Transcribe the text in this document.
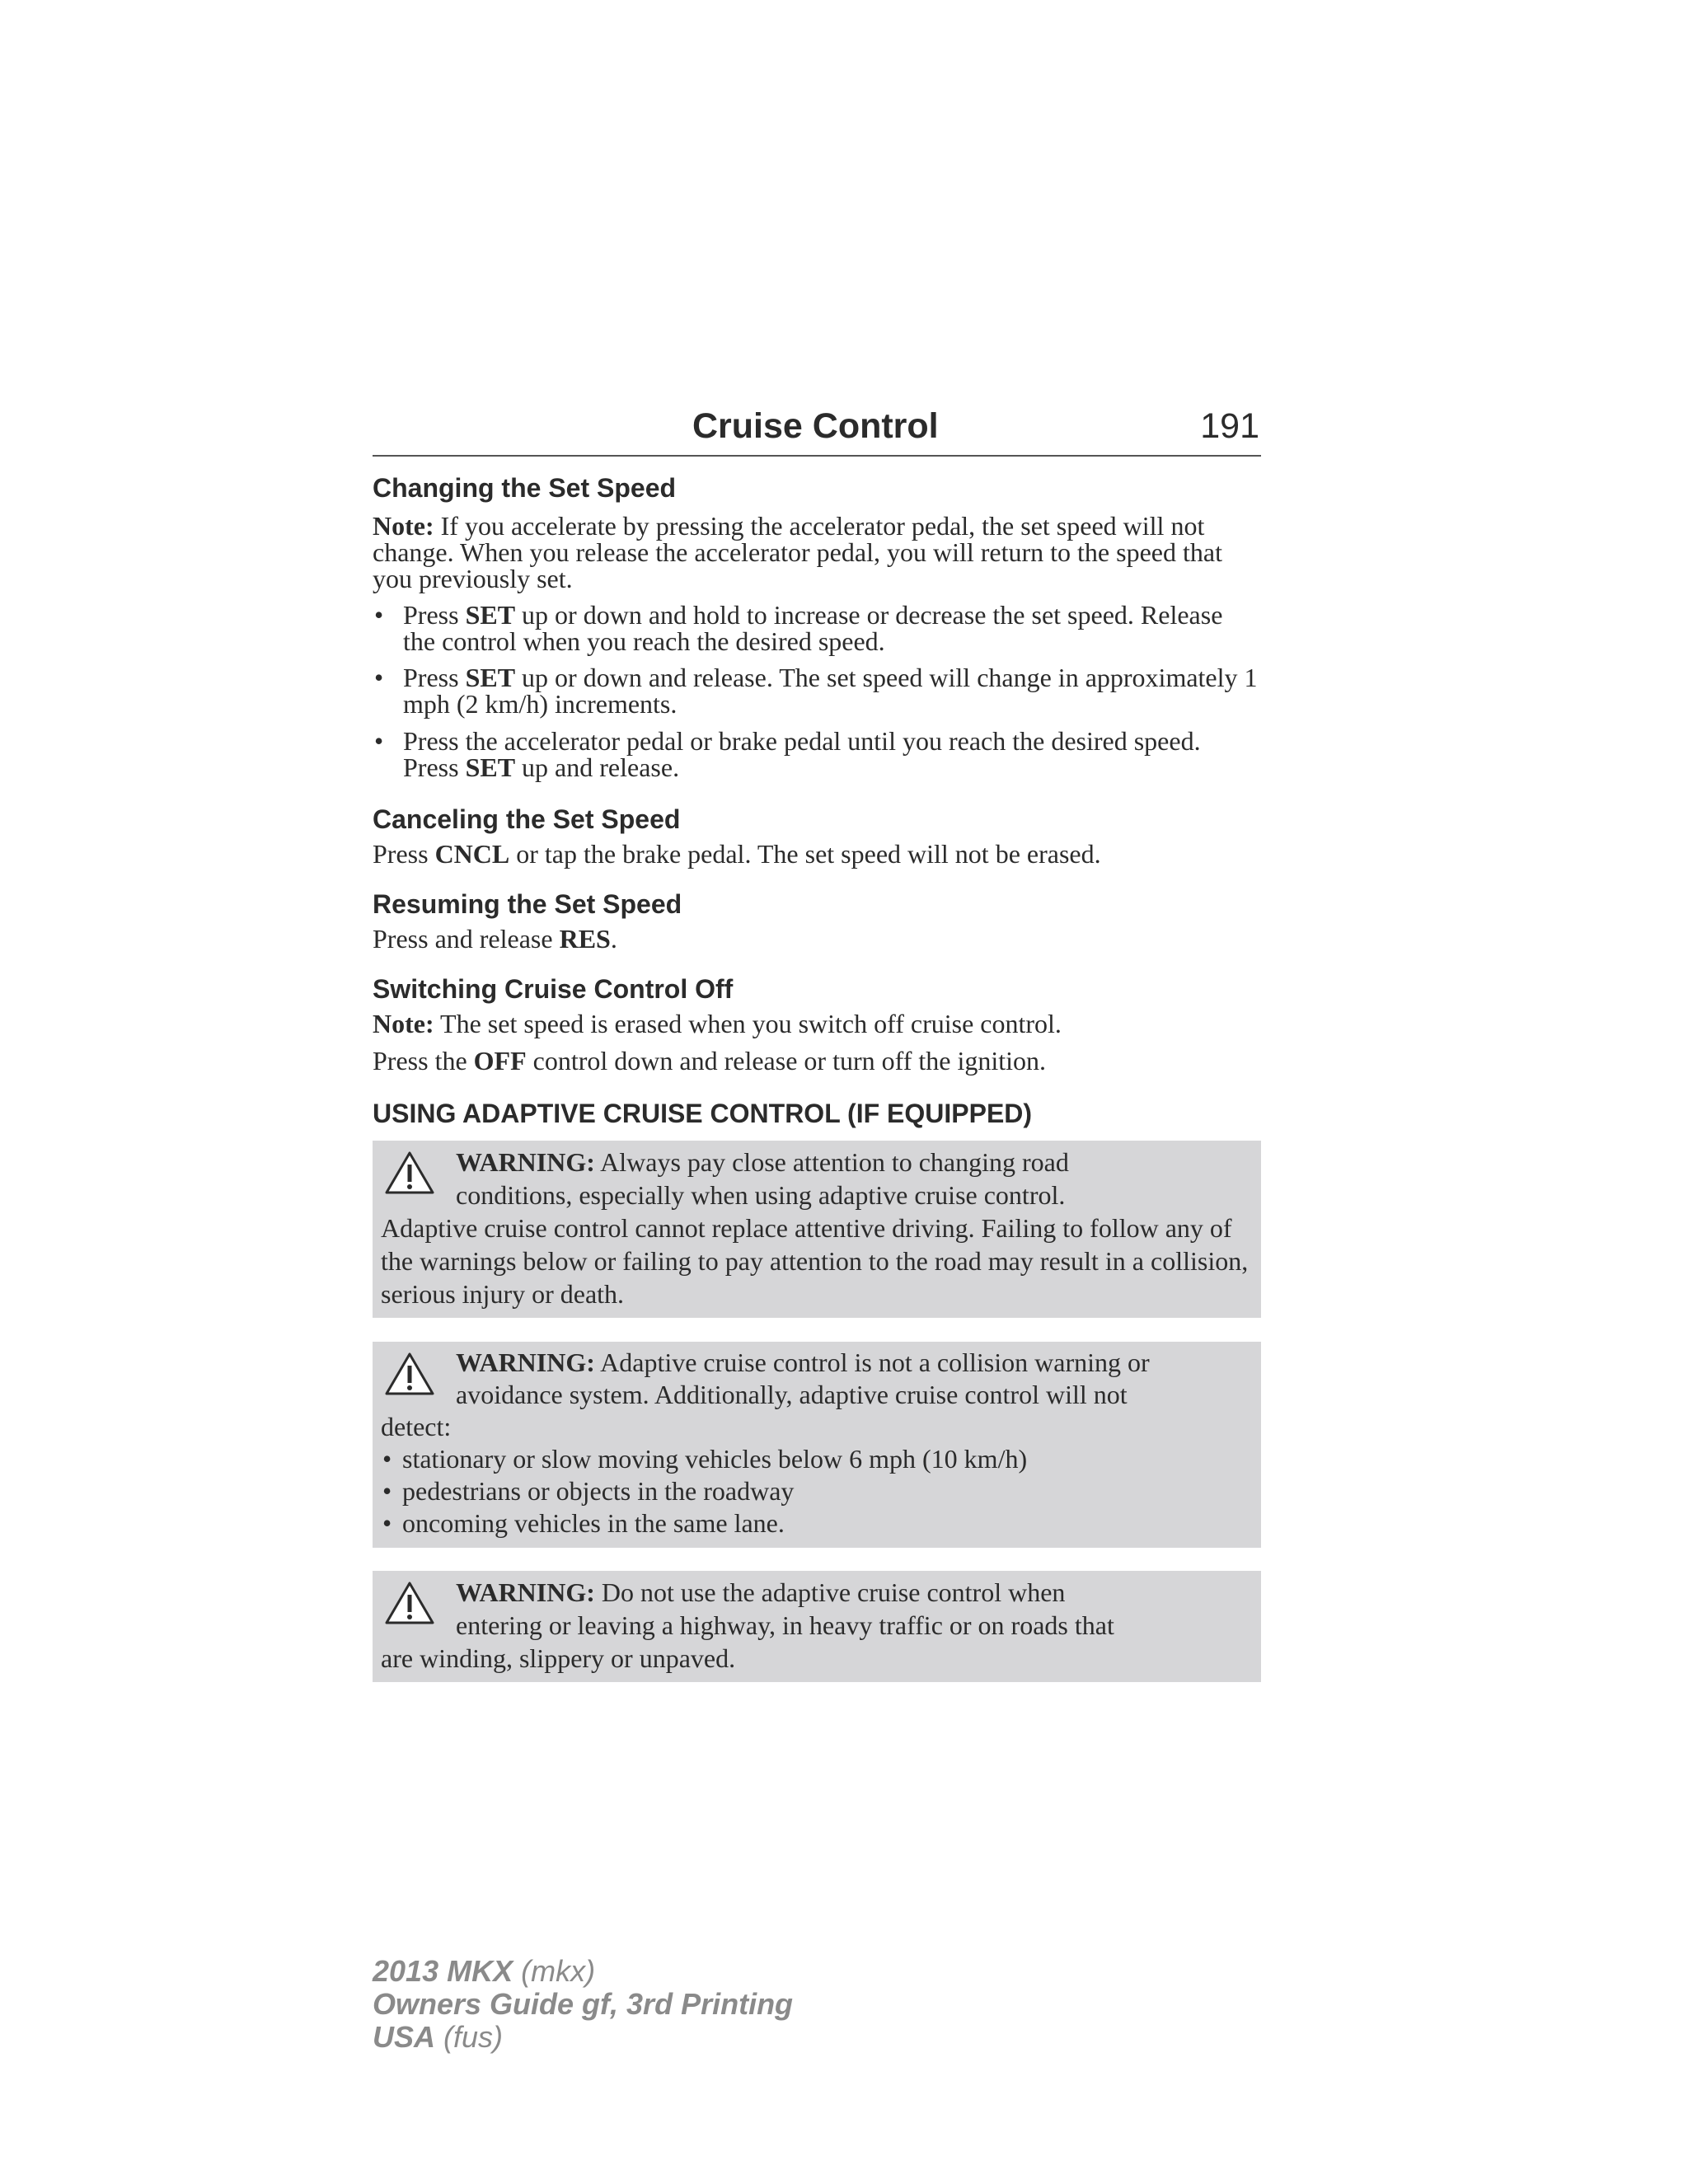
Cruise Control	191
Changing the Set Speed

Note: If you accelerate by pressing the accelerator pedal, the set speed will not change. When you release the accelerator pedal, you will return to the speed that you previously set.

• Press SET up or down and hold to increase or decrease the set speed. Release the control when you reach the desired speed.

• Press SET up or down and release. The set speed will change in approximately 1 mph (2 km/h) increments.

• Press the accelerator pedal or brake pedal until you reach the desired speed. Press SET up and release.

Canceling the Set Speed

Press CNCL or tap the brake pedal. The set speed will not be erased.

Resuming the Set Speed

Press and release RES.

Switching Cruise Control Off

Note: The set speed is erased when you switch off cruise control.

Press the OFF control down and release or turn off the ignition.

USING ADAPTIVE CRUISE CONTROL (IF EQUIPPED)
WARNING: Always pay close attention to changing road
conditions, especially when using adaptive cruise control.
Adaptive cruise control cannot replace attentive driving. Failing to follow any of the warnings below or failing to pay attention to the road may result in a collision, serious injury or death.
WARNING: Adaptive cruise control is not a collision warning or
avoidance system. Additionally, adaptive cruise control will not
detect:
• stationary or slow moving vehicles below 6 mph (10 km/h)
• pedestrians or objects in the roadway
• oncoming vehicles in the same lane.
WARNING: Do not use the adaptive cruise control when
entering or leaving a highway, in heavy traffic or on roads that
are winding, slippery or unpaved.
2013 MKX (mkx)
Owners Guide gf, 3rd Printing
USA (fus)
